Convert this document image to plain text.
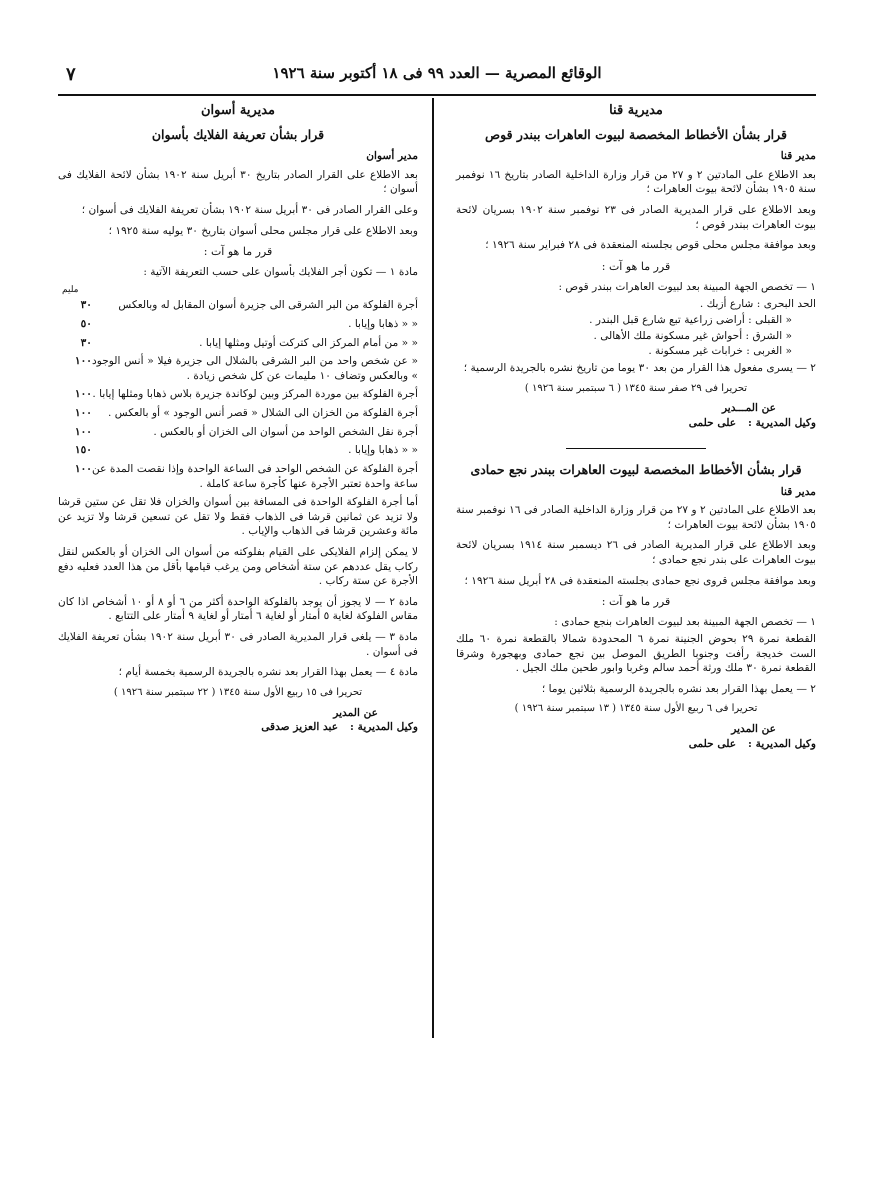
الوقائع المصرية — العدد ٩٩ فى ١٨ أكتوبر سنة ١٩٢٦
٧
مديرية قنا
قرار بشأن الأخطاط المخصصة لبيوت العاهرات ببندر قوص
مدير قنا

بعد الاطلاع على المادتين ٢ و ٢٧ من قرار وزارة الداخلية الصادر بتاريخ ١٦ نوفمبر سنة ١٩٠٥ بشأن لائحة بيوت العاهرات ؛

وبعد الاطلاع على قرار المديرية الصادر فى ٢٣ نوفمبر سنة ١٩٠٢ بسريان لائحة بيوت العاهرات ببندر قوص ؛

وبعد موافقة مجلس محلى قوص بجلسته المنعقدة فى ٢٨ فبراير سنة ١٩٢٦ ؛

قرر ما هو آت :
١ — تخصص الجهة المبينة بعد لبيوت العاهرات ببندر قوص :
الحد البحرى : شارع أزبك .
« القبلى : أراضى زراعية تبع شارع قبل البندر .
« الشرق : أحواش غير مسكونة ملك الأهالى .
« الغربى : خرابات غير مسكونة .

٢ — يسرى مفعول هذا القرار من بعد ٣٠ يوما من تاريخ نشره بالجريدة الرسمية ؛

تحريرا فى ٢٩ صفر سنة ١٣٤٥ ( ٦ سبتمبر سنة ١٩٢٦ )
عن المـــدير
وكيل المديرية :
على حلمى
قرار بشأن الأخطاط المخصصة لبيوت العاهرات ببندر نجع حمادى
مدير قنا

بعد الاطلاع على المادتين ٢ و ٢٧ من قرار وزارة الداخلية الصادر فى ١٦ نوفمبر سنة ١٩٠٥ بشأن لائحة بيوت العاهرات ؛

وبعد الاطلاع على قرار المديرية الصادر فى ٢٦ ديسمبر سنة ١٩١٤ بسريان لائحة بيوت العاهرات على بندر نجع حمادى ؛

وبعد موافقة مجلس قروى نجع حمادى بجلسته المنعقدة فى ٢٨ أبريل سنة ١٩٢٦ ؛

قرر ما هو آت :
١ — تخصص الجهة المبينة بعد لبيوت العاهرات بنجع حمادى :

القطعة نمرة ٢٩ بحوض الجنينة نمرة ٦ المحدودة شمالا بالقطعة نمرة ٦٠ ملك الست خديجة رأفت وجنوبا الطريق الموصل بين نجع حمادى وبهجورة وشرقا القطعة نمرة ٣٠ ملك ورثة أحمد سالم وغربا وابور طحين ملك الجيل .

٢ — يعمل بهذا القرار بعد نشره بالجريدة الرسمية بثلاثين يوما ؛

تحريرا فى ٦ ربيع الأول سنة ١٣٤٥ ( ١٣ سبتمبر سنة ١٩٢٦ )
عن المدير
وكيل المديرية :
على حلمى
مديرية أسوان
قرار بشأن تعريفة الفلايك بأسوان
مدير أسوان

بعد الاطلاع على القرار الصادر بتاريخ ٣٠ أبريل سنة ١٩٠٢ بشأن لائحة الفلايك فى أسوان ؛

وعلى القرار الصادر فى ٣٠ أبريل سنة ١٩٠٢ بشأن تعريفة الفلايك فى أسوان ؛

وبعد الاطلاع على قرار مجلس محلى أسوان بتاريخ ٣٠ يوليه سنة ١٩٢٥ ؛

قرر ما هو آت :
مادة ١ — تكون أجر الفلايك بأسوان على حسب التعريفة الآتية :
مليم
أجرة الفلوكة من البر الشرقى الى جزيرة أسوان المقابل له وبالعكس
٣٠
« « ذهابا وإيابا .
٥٠
« « من أمام المركز الى كتركت أوتيل ومثلها إيابا .
٣٠
« عن شخص واحد من البر الشرقى بالشلال الى جزيرة فيلا « أنس الوجود » وبالعكس وتضاف ١٠ مليمات عن كل شخص زيادة .
١٠٠
أجرة الفلوكة بين موردة المركز وبين لوكاندة جزيرة بلاس ذهابا ومثلها إيابا .
١٠٠
أجرة الفلوكة من الخزان الى الشلال « قصر أنس الوجود » أو بالعكس .
١٠٠
أجرة نقل الشخص الواحد من أسوان الى الخزان أو بالعكس .
١٠٠
« « ذهابا وإيابا .
١٥٠
أجرة الفلوكة عن الشخص الواحد فى الساعة الواحدة وإذا نقصت المدة عن ساعة واحدة تعتبر الأجرة عنها كأجرة ساعة كاملة .
١٠٠

أما أجرة الفلوكة الواحدة فى المسافة بين أسوان والخزان فلا تقل عن ستين قرشا ولا تزيد عن ثمانين قرشا فى الذهاب فقط ولا تقل عن تسعين قرشا ولا تزيد عن مائة وعشرين قرشا فى الذهاب والإياب .

لا يمكن إلزام الفلايكى على القيام بفلوكته من أسوان الى الخزان أو بالعكس لنقل ركاب يقل عددهم عن ستة أشخاص ومن يرغب قيامها بأقل من هذا العدد فعليه دفع الأجرة عن ستة ركاب .

مادة ٢ — لا يجوز أن يوجد بالفلوكة الواحدة أكثر من ٦ أو ٨ أو ١٠ أشخاص اذا كان مقاس الفلوكة لغاية ٥ أمتار أو لغاية ٦ أمتار أو لغاية ٩ أمتار على التتابع .

مادة ٣ — يلغى قرار المديرية الصادر فى ٣٠ أبريل سنة ١٩٠٢ بشأن تعريفة الفلايك فى أسوان .

مادة ٤ — يعمل بهذا القرار بعد نشره بالجريدة الرسمية بخمسة أيام ؛

تحريرا فى ١٥ ربيع الأول سنة ١٣٤٥ ( ٢٢ سبتمبر سنة ١٩٢٦ )
عن المدير
وكيل المديرية :
عبد العزيز صدقى
